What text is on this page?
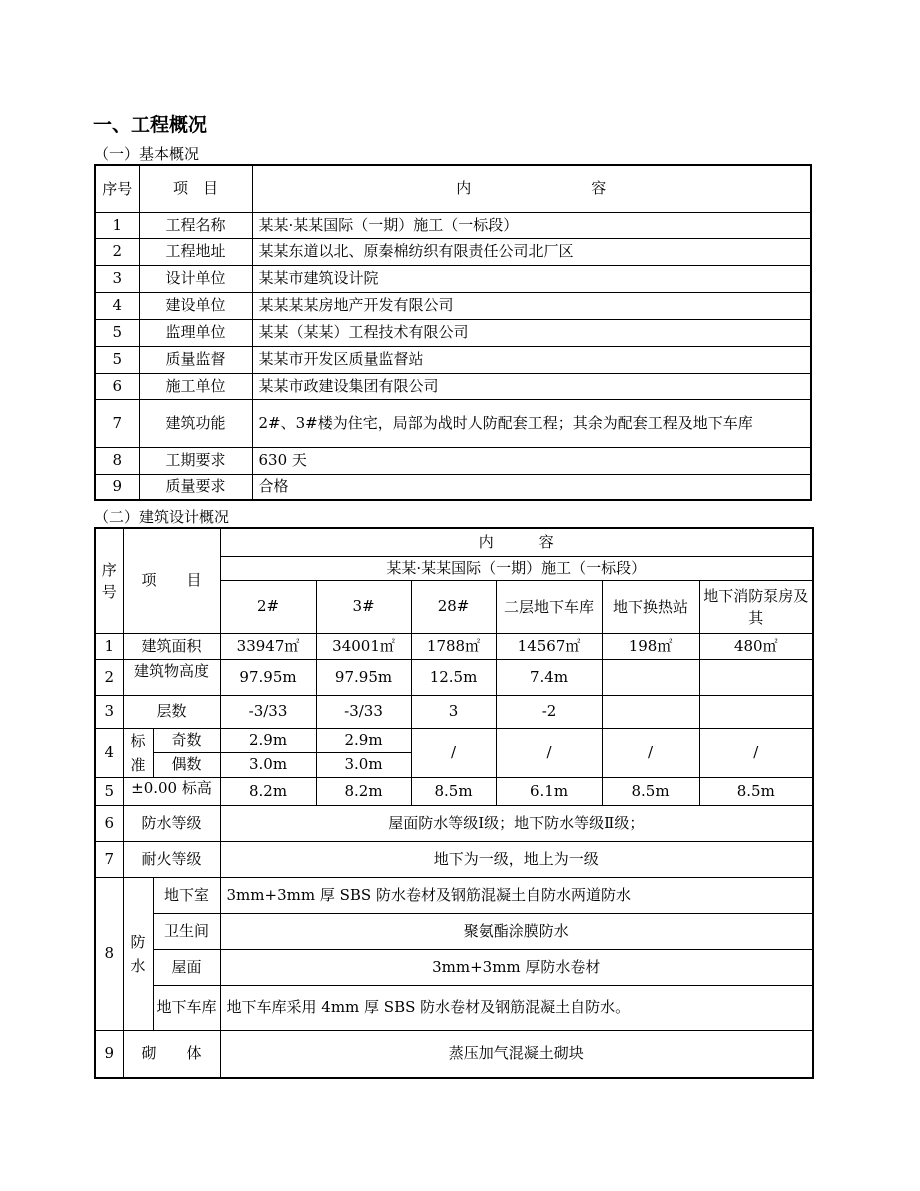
一、工程概况
（一）基本概况
序号	项　目	内　　　　　　　　容
1	工程名称	某某·某某国际（一期）施工（一标段）
2	工程地址	某某东道以北、原秦棉纺织有限责任公司北厂区
3	设计单位	某某市建筑设计院
4	建设单位	某某某某房地产开发有限公司
5	监理单位	某某（某某）工程技术有限公司
5	质量监督	某某市开发区质量监督站
6	施工单位	某某市政建设集团有限公司
7	建筑功能	2#、3#楼为住宅，局部为战时人防配套工程；其余为配套工程及地下车库
8	工期要求	630 天
9	质量要求	合格
（二）建筑设计概况
序号	项　　目		内　　　容					
			某某·某某国际（一期）施工（一标段）					
			2#	3#	28#	二层地下车库	地下换热站	地下消防泵房及其
1	建筑面积		33947㎡	34001㎡	1788㎡	14567㎡	198㎡	480㎡
2	建筑物高度		97.95m	97.95m	12.5m	7.4m		
3	层数		-3/33	-3/33	3	-2		
4	标准	奇数	2.9m	2.9m	/	/	/	/
		偶数	3.0m	3.0m				
5	±0.00 标高		8.2m	8.2m	8.5m	6.1m	8.5m	8.5m
6	防水等级		屋面防水等级Ⅰ级；地下防水等级Ⅱ级；					
7	耐火等级		地下为一级，地上为一级					
8	防水	地下室	3mm+3mm 厚 SBS 防水卷材及钢筋混凝土自防水两道防水					
		卫生间	聚氨酯涂膜防水					
		屋面	3mm+3mm 厚防水卷材					
		地下车库	地下车库采用 4mm 厚 SBS 防水卷材及钢筋混凝土自防水。					
9	砌　　体		蒸压加气混凝土砌块					
